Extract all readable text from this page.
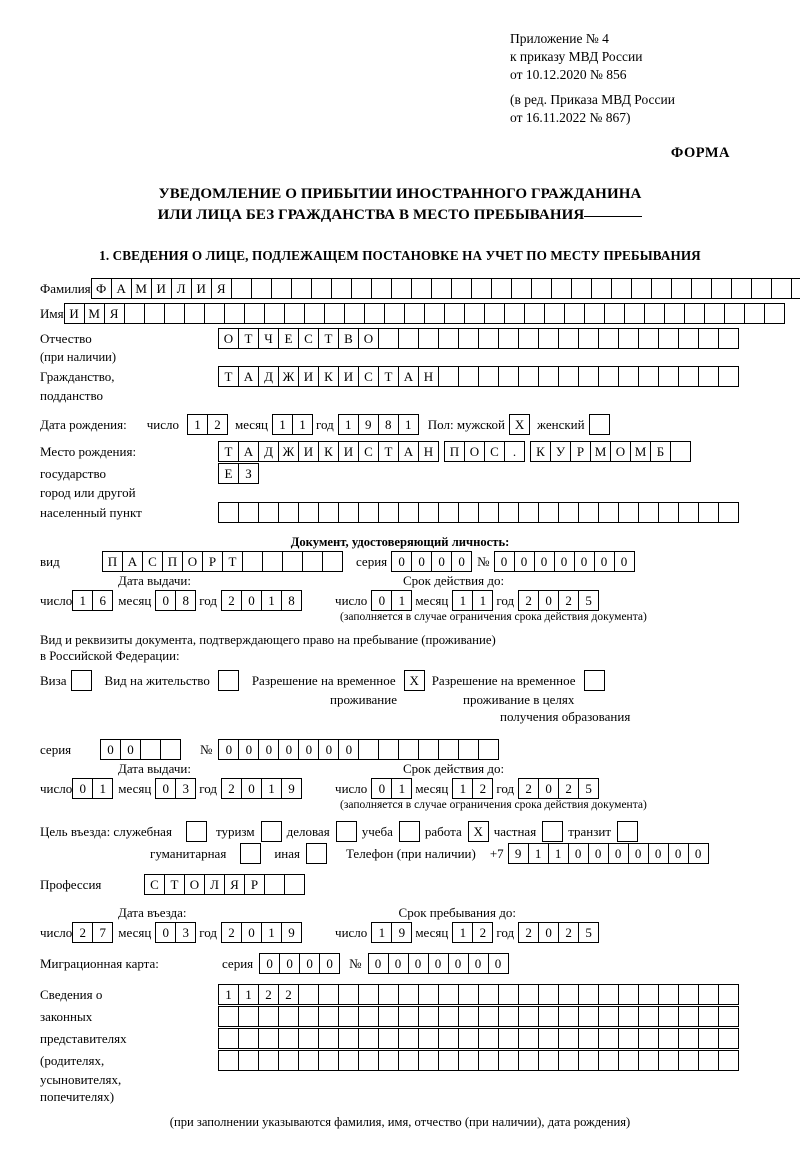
Приложение № 4
к приказу МВД России
от 10.12.2020 № 856
(в ред. Приказа МВД России
от 16.11.2022 № 867)
ФОРМА
УВЕДОМЛЕНИЕ О ПРИБЫТИИ ИНОСТРАННОГО ГРАЖДАНИНА
ИЛИ ЛИЦА БЕЗ ГРАЖДАНСТВА В МЕСТО ПРЕБЫВАНИЯ
1. СВЕДЕНИЯ О ЛИЦЕ, ПОДЛЕЖАЩЕМ ПОСТАНОВКЕ НА УЧЕТ ПО МЕСТУ ПРЕБЫВАНИЯ
Фамилия Ф А М И Л И Я
Имя И М Я
Отчество	О Т Ч Е С Т В О
(при наличии)
Гражданство,	Т А Д Ж И К И С Т А Н
подданство
Дата рождения: число	1	2	месяц 1	1 год 1	9	8	1	Пол: мужской Х женский
Место рождения:	Т А Д Ж И К И С Т А Н	П О С	.	К У Р М О М Б
государство	Е З
город или другой
населенный пункт
Документ, удостоверяющий личность:
вид	П А С П О Р Т	серия 0	0	0	0 № 0	0	0	0	0	0	0
Дата выдачи:	Срок действия до:
число 1	6 месяц 0	8 год 2	0	1	8	число 0	1 месяц 1	1 год 2	0	2	5
(заполняется в случае ограничения срока действия документа)
Вид и реквизиты документа, подтверждающего право на пребывание (проживание)
в Российской Федерации:
Виза	Вид на жительство	Разрешение на временное	Х Разрешение на временное
проживание	проживание в целях
получения образования
серия	0	0	№	0	0	0	0	0	0	0
Дата выдачи:	Срок действия до:
число 0	1 месяц 0	3 год 2	0	1	9	число 0	1 месяц 1	2 год 2	0	2	5
(заполняется в случае ограничения срока действия документа)
Цель въезда: служебная	туризм деловая учеба работа Х частная транзит
гуманитарная	иная	Телефон (при наличии) +7 9	1	1	0	0	0	0	0	0	0
Профессия	С Т О Л Я Р
Дата въезда:	Срок пребывания до:
число 2	7 месяц 0	3 год 2	0	1	9	число 1	9 месяц 1	2 год 2	0	2	5
Миграционная карта:	серия	0	0	0	0	№	0	0	0	0	0	0	0
Сведения о	1	1	2	2
законных
представителях
(родителях,
усыновителях,
попечителях)
(при заполнении указываются фамилия, имя, отчество (при наличии), дата рождения)
